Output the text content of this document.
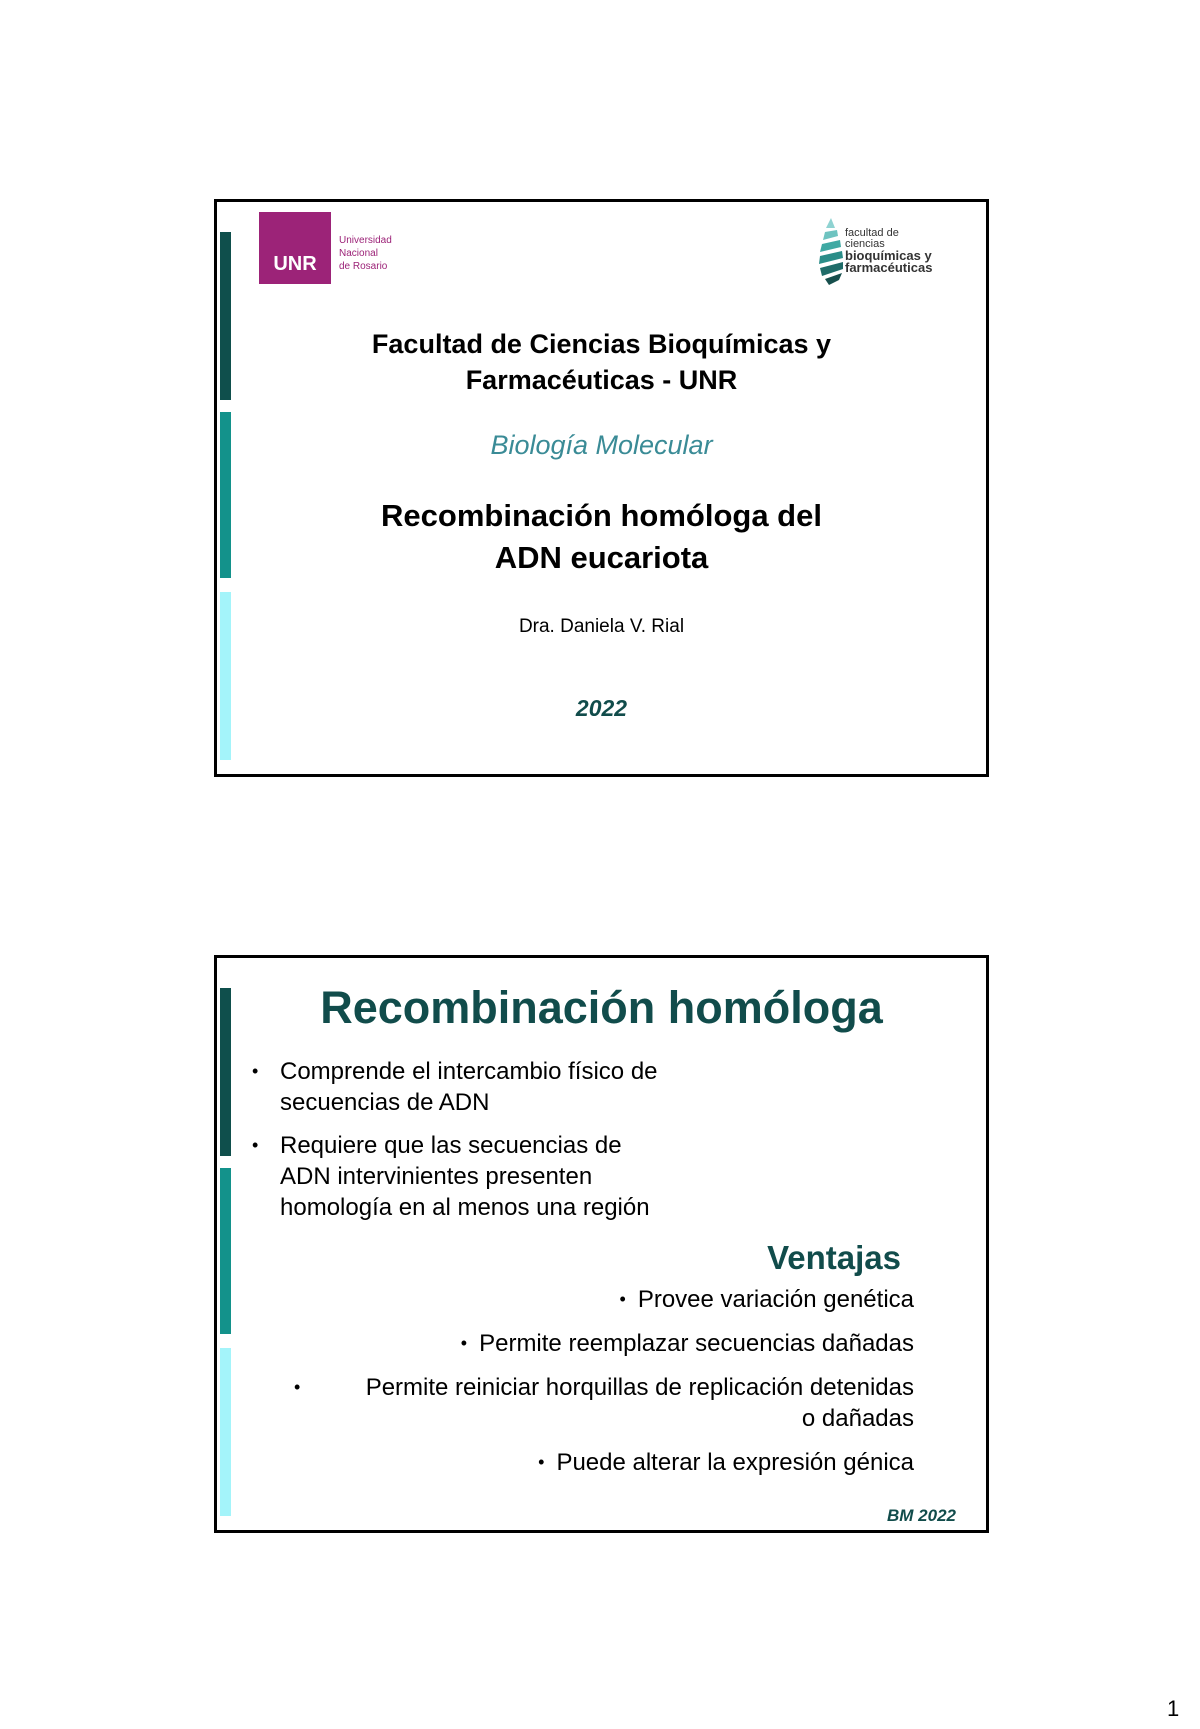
UNR
Universidad
Nacional
de Rosario
facultad de
ciencias
bioquímicas y
farmacéuticas
Facultad de Ciencias Bioquímicas y
Farmacéuticas - UNR
Biología Molecular
Recombinación homóloga del
ADN eucariota
Dra. Daniela V. Rial
2022
Recombinación homóloga
• Comprende el intercambio físico de
secuencias de ADN
• Requiere que las secuencias de
ADN intervinientes presenten
homología en al menos una región
Ventajas
• Provee variación genética
• Permite reemplazar secuencias dañadas
•	Permite reiniciar horquillas de replicación detenidas
o dañadas
• Puede alterar la expresión génica
BM 2022
1
